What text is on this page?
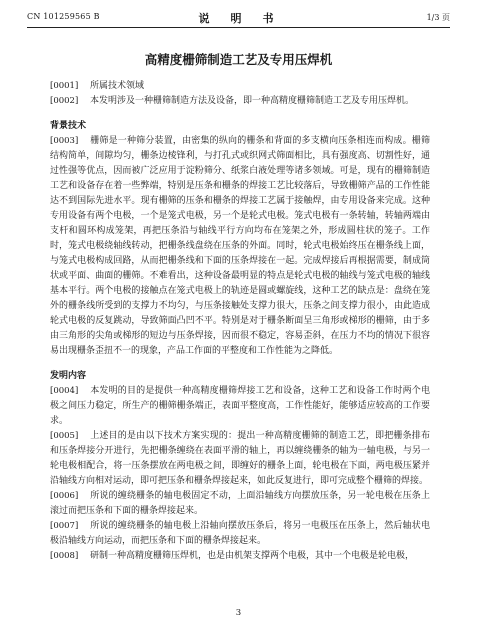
CN 101259565 B	说　明　书	1/3 页
高精度栅筛制造工艺及专用压焊机

[0001] 所属技术领域

[0002] 本发明涉及一种栅筛制造方法及设备，即一种高精度栅筛制造工艺及专用压焊机。

背景技术

[0003] 栅筛是一种筛分装置，由密集的纵向的栅条和背面的多支横向压条相连而构成。栅筛结构简单，间隙均匀，栅条边棱锋利，与打孔式或织网式筛面相比，具有强度高、切割性好，通过性强等优点，因而被广泛应用于淀粉筛分、纸浆白液处理等诸多领域。可是，现有的栅筛制造工艺和设备存在着一些弊端，特别是压条和栅条的焊接工艺比较落后，导致栅筛产品的工作性能达不到国际先进水平。现有栅筛的压条和栅条的焊接工艺属于接触焊，由专用设备来完成。这种专用设备有两个电极，一个是笼式电极，另一个是轮式电极。笼式电极有一条转轴，转轴两端由支杆和圆环构成笼架，再把压条沿与轴线平行方向均布在笼架之外，形成圆柱状的笼子。工作时，笼式电极绕轴线转动，把栅条线盘绕在压条的外面。同时，轮式电极始终压在栅条线上面，与笼式电极构成回路，从而把栅条线和下面的压条焊接在一起。完成焊接后再根据需要，制成筒状或平面、曲面的栅筛。不难看出，这种设备最明显的特点是轮式电极的轴线与笼式电极的轴线基本平行。两个电极的接触点在笼式电极上的轨迹是圆或螺旋线，这种工艺的缺点是：盘绕在笼外的栅条线所受到的支撑力不均匀，与压条接触处支撑力很大，压条之间支撑力很小，由此造成轮式电极的反复跳动，导致筛面凸凹不平。特别是对于栅条断面呈三角形或梯形的栅筛，由于多由三角形的尖角或梯形的短边与压条焊接，因而很不稳定，容易歪斜，在压力不均的情况下很容易出现栅条歪扭不一的现象，产品工作面的平整度和工作性能为之降低。

发明内容

[0004] 本发明的目的是提供一种高精度栅筛焊接工艺和设备，这种工艺和设备工作时两个电极之间压力稳定，所生产的栅筛栅条端正，表面平整度高，工作性能好，能够适应较高的工作要求。

[0005] 上述目的是由以下技术方案实现的：提出一种高精度栅筛的制造工艺，即把栅条排布和压条焊接分开进行，先把栅条缠绕在表面平滑的轴上，再以缠绕栅条的轴为一轴电极，与另一轮电极相配合，将一压条摆放在两电极之间，即缠好的栅条上面，轮电极在下面，两电极压紧并沿轴线方向相对运动，即可把压条和栅条焊接起来，如此反复进行，即可完成整个栅筛的焊接。

[0006] 所说的缠绕栅条的轴电极固定不动，上面沿轴线方向摆放压条，另一轮电极在压条上滚过而把压条和下面的栅条焊接起来。

[0007] 所说的缠绕栅条的轴电极上沿轴向摆放压条后，将另一电极压在压条上，然后轴状电极沿轴线方向运动，而把压条和下面的栅条焊接起来。

[0008] 研制一种高精度栅筛压焊机，也是由机架支撑两个电极，其中一个电极是轮电极，

3
